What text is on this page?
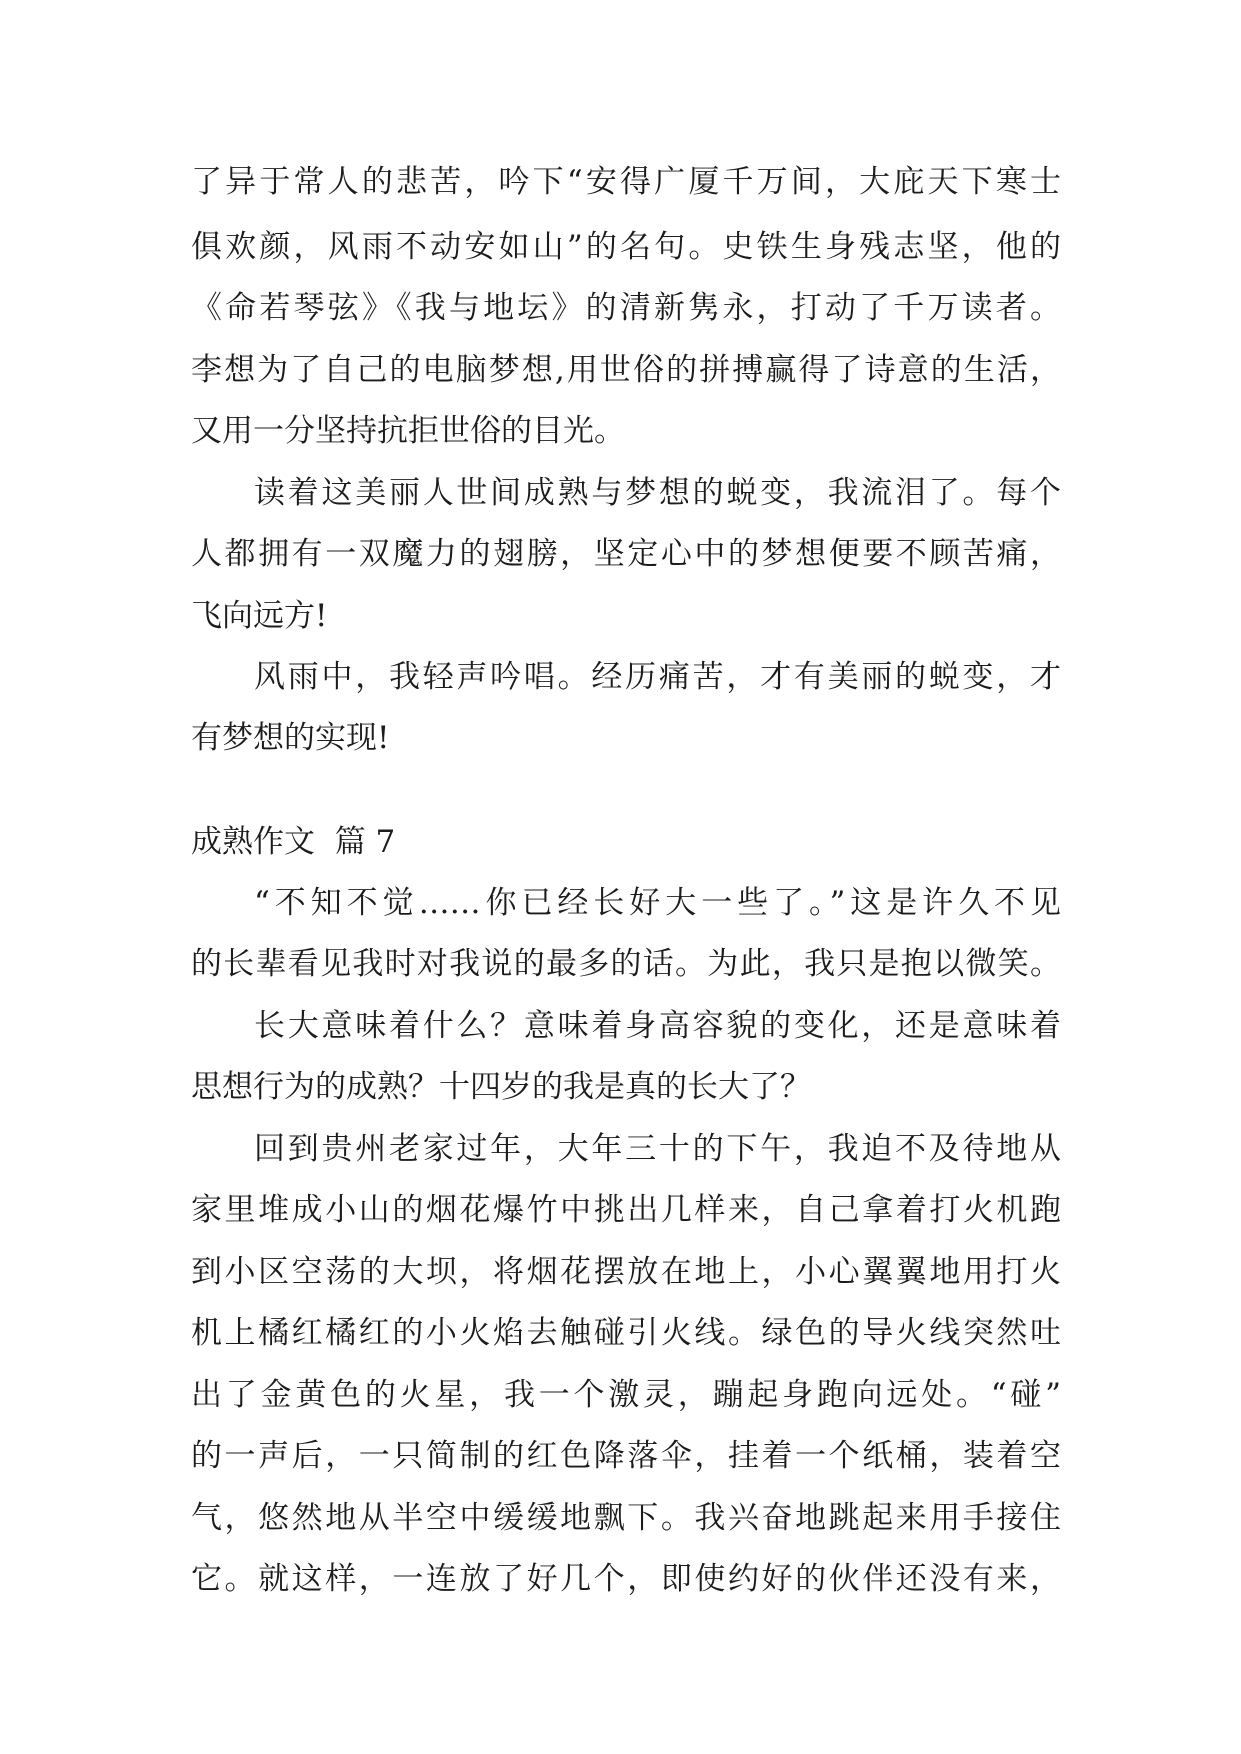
了异于常人的悲苦，吟下“安得广厦千万间，大庇天下寒士
俱欢颜，风雨不动安如山”的名句。史铁生身残志坚，他的
《命若琴弦》《我与地坛》的清新隽永，打动了千万读者。
李想为了自己的电脑梦想,用世俗的拼搏赢得了诗意的生活，
又用一分坚持抗拒世俗的目光。
读着这美丽人世间成熟与梦想的蜕变，我流泪了。每个
人都拥有一双魔力的翅膀，坚定心中的梦想便要不顾苦痛，
飞向远方!
风雨中，我轻声吟唱。经历痛苦，才有美丽的蜕变，才
有梦想的实现!
成熟作文  篇 7
“不知不觉……你已经长好大一些了。”这是许久不见
的长辈看见我时对我说的最多的话。为此，我只是抱以微笑。
长大意味着什么？意味着身高容貌的变化，还是意味着
思想行为的成熟？十四岁的我是真的长大了？
回到贵州老家过年，大年三十的下午，我迫不及待地从
家里堆成小山的烟花爆竹中挑出几样来，自己拿着打火机跑
到小区空荡的大坝，将烟花摆放在地上，小心翼翼地用打火
机上橘红橘红的小火焰去触碰引火线。绿色的导火线突然吐
出了金黄色的火星，我一个激灵，蹦起身跑向远处。“碰”
的一声后，一只简制的红色降落伞，挂着一个纸桶，装着空
气，悠然地从半空中缓缓地飘下。我兴奋地跳起来用手接住
它。就这样，一连放了好几个，即使约好的伙伴还没有来，
